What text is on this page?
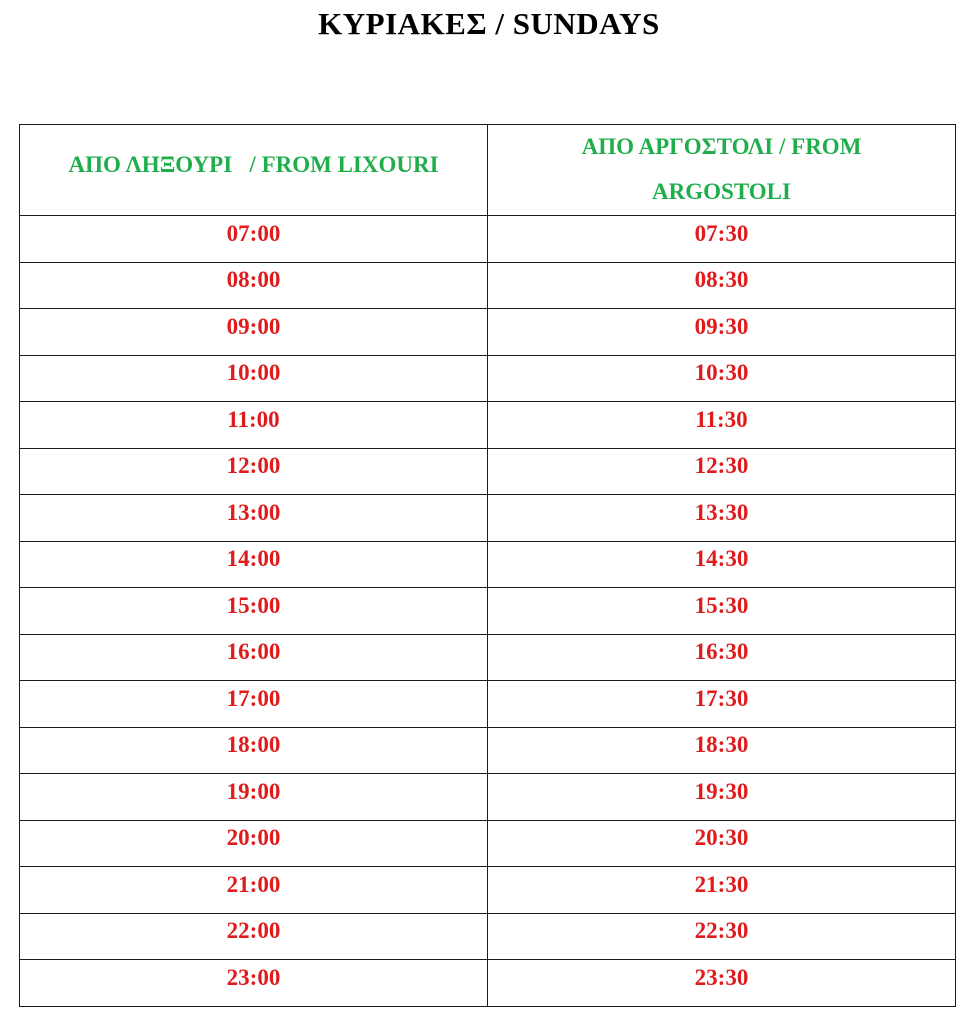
ΚΥΡΙΑΚΕΣ / SUNDAYS
ΑΠΟ ΛΗΞΟΥΡΙ   / FROM LIXOURI	ΑΠΟ ΑΡΓΟΣΤΟΛΙ / FROM ARGOSTOLI
07:00	07:30
08:00	08:30
09:00	09:30
10:00	10:30
11:00	11:30
12:00	12:30
13:00	13:30
14:00	14:30
15:00	15:30
16:00	16:30
17:00	17:30
18:00	18:30
19:00	19:30
20:00	20:30
21:00	21:30
22:00	22:30
23:00	23:30
